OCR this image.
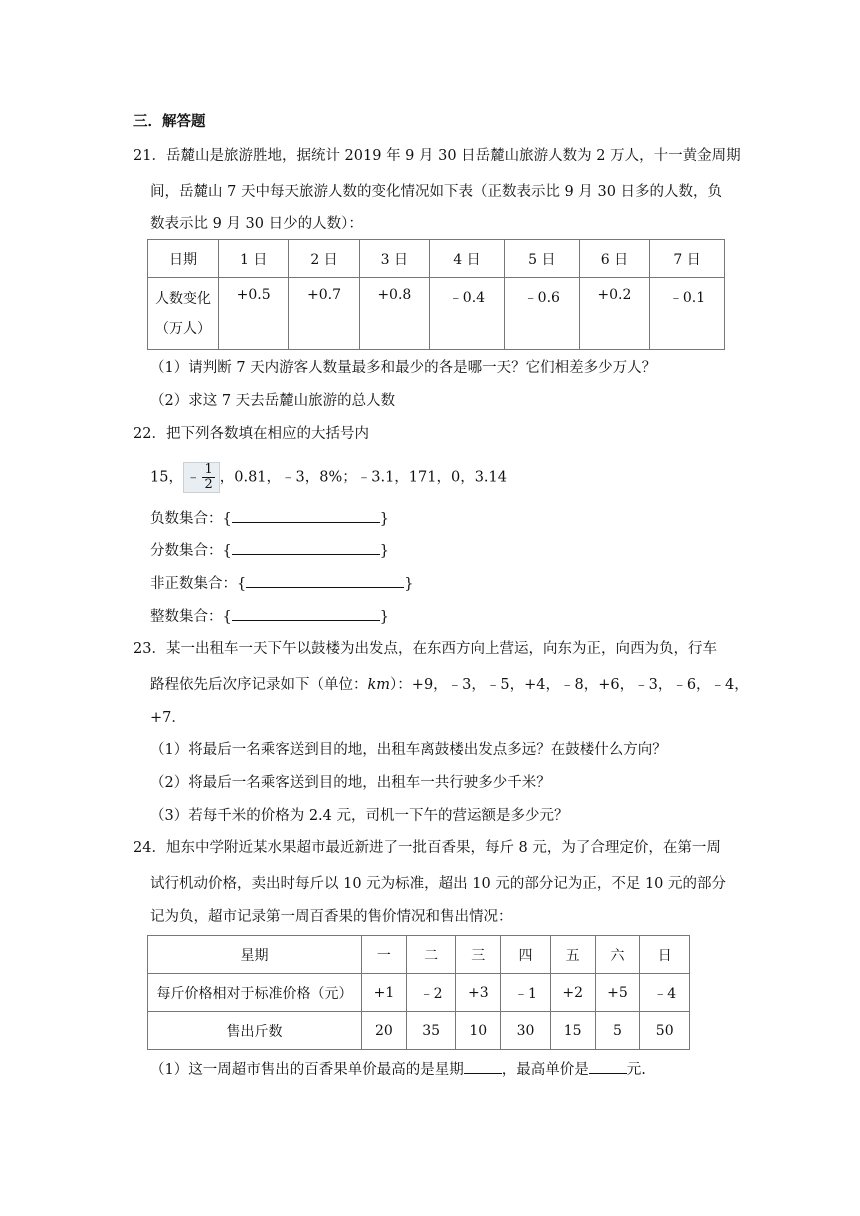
三．解答题
21．岳麓山是旅游胜地，据统计 2019 年 9 月 30 日岳麓山旅游人数为 2 万人，十一黄金周期
间，岳麓山 7 天中每天旅游人数的变化情况如下表（正数表示比 9 月 30 日多的人数，负
数表示比 9 月 30 日少的人数）：
日期	1 日	2 日	3 日	4 日	5 日	6 日	7 日

人数变化
（万人）	+0.5	+0.7	+0.8	﹣0.4	﹣0.6	+0.2	﹣0.1
（1）请判断 7 天内游客人数量最多和最少的各是哪一天？它们相差多少万人？
（2）求这 7 天去岳麓山旅游的总人数
22．把下列各数填在相应的大括号内
15， ﹣ $\frac{1}{2}$ ，0.81，﹣3，8%；﹣3.1，171，0，3.14
负数集合：{	}
分数集合：{	}
非正数集合：{	}
整数集合：{	}
23．某一出租车一天下午以鼓楼为出发点，在东西方向上营运，向东为正，向西为负，行车
路程依先后次序记录如下（单位：km）：+9，﹣3，﹣5，+4，﹣8，+6，﹣3，﹣6，﹣4，
+7．
（1）将最后一名乘客送到目的地，出租车离鼓楼出发点多远？在鼓楼什么方向？
（2）将最后一名乘客送到目的地，出租车一共行驶多少千米？
（3）若每千米的价格为 2.4 元，司机一下午的营运额是多少元？
24．旭东中学附近某水果超市最近新进了一批百香果，每斤 8 元，为了合理定价，在第一周
试行机动价格，卖出时每斤以 10 元为标准，超出 10 元的部分记为正，不足 10 元的部分
记为负，超市记录第一周百香果的售价情况和售出情况：
星期	一	二	三	四	五	六	日
每斤价格相对于标准价格（元）	+1	﹣2	+3	﹣1	+2	+5	﹣4
售出斤数	20	35	10	30	15	5	50
（1）这一周超市售出的百香果单价最高的是星期	，最高单价是	元.
